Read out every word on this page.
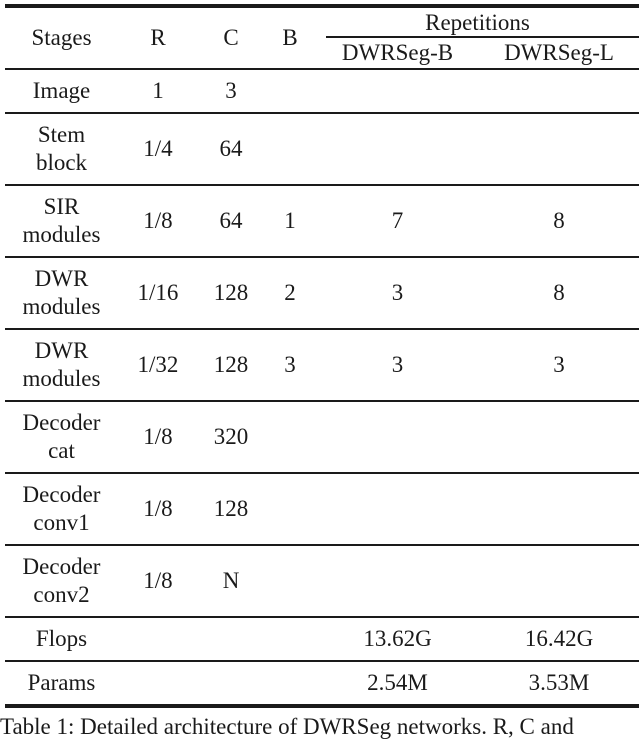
Stages	R	C	B	Repetitions	

				DWRSeg-B	DWRSeg-L
Image	1	3			
Stem
block	1/4	64			
SIR
modules	1/8	64	1	7	8
DWR
modules	1/16	128	2	3	8
DWR
modules	1/32	128	3	3	3
Decoder
cat	1/8	320			
Decoder
conv1	1/8	128			
Decoder
conv2	1/8	N			
Flops				13.62G	16.42G
Params				2.54M	3.53M
Table 1: Detailed architecture of DWRSeg networks. R, C and
